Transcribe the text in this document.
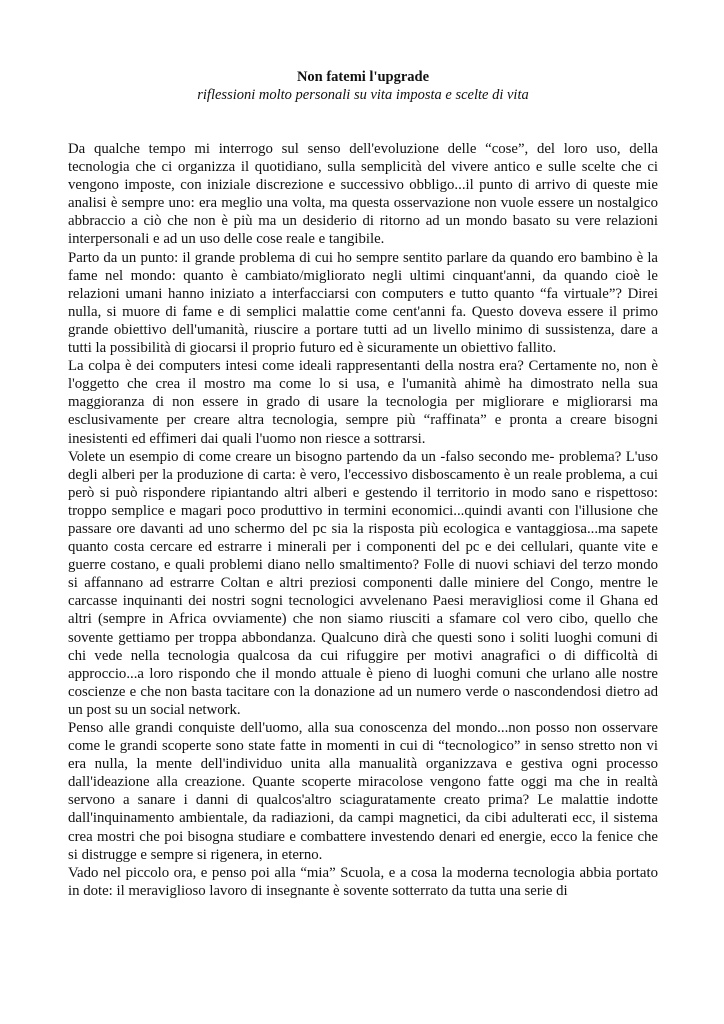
Non fatemi l'upgrade

riflessioni molto personali su vita imposta e scelte di vita

Da qualche tempo mi interrogo sul senso dell'evoluzione delle “cose”, del loro uso, della tecnologia che ci organizza il quotidiano, sulla semplicità del vivere antico e sulle scelte che ci vengono imposte, con iniziale discrezione e successivo obbligo...il punto di arrivo di queste mie analisi è sempre uno: era meglio una volta, ma questa osservazione non vuole essere un nostalgico abbraccio a ciò che non è più ma un desiderio di ritorno ad un mondo basato su vere relazioni interpersonali e ad un uso delle cose reale e tangibile.

Parto da un punto: il grande problema di cui ho sempre sentito parlare da quando ero bambino è la fame nel mondo: quanto è cambiato/migliorato negli ultimi cinquant'anni, da quando cioè le relazioni umani hanno iniziato a interfacciarsi con computers e tutto quanto “fa virtuale”? Direi nulla, si muore di fame e di semplici malattie come cent'anni fa. Questo doveva essere il primo grande obiettivo dell'umanità, riuscire a portare tutti ad un livello minimo di sussistenza, dare a tutti la possibilità di giocarsi il proprio futuro ed è sicuramente un obiettivo fallito.

La colpa è dei computers intesi come ideali rappresentanti della nostra era? Certamente no, non è l'oggetto che crea il mostro ma come lo si usa, e l'umanità ahimè ha dimostrato nella sua maggioranza di non essere in grado di usare la tecnologia per migliorare e migliorarsi ma esclusivamente per creare altra tecnologia, sempre più “raffinata” e pronta a creare bisogni inesistenti ed effimeri dai quali l'uomo non riesce a sottrarsi.

Volete un esempio di come creare un bisogno partendo da un -falso secondo me- problema? L'uso degli alberi per la produzione di carta: è vero, l'eccessivo disboscamento è un reale problema, a cui però si può rispondere ripiantando altri alberi e gestendo il territorio in modo sano e rispettoso: troppo semplice e magari poco produttivo in termini economici...quindi avanti con l'illusione che passare ore davanti ad uno schermo del pc sia la risposta più ecologica e vantaggiosa...ma sapete quanto costa cercare ed estrarre i minerali per i componenti del pc e dei cellulari, quante vite e guerre costano, e quali problemi diano nello smaltimento? Folle di nuovi schiavi del terzo mondo si affannano ad estrarre Coltan e altri preziosi componenti dalle miniere del Congo, mentre le carcasse inquinanti dei nostri sogni tecnologici avvelenano Paesi meravigliosi come il Ghana ed altri (sempre in Africa ovviamente) che non siamo riusciti a sfamare col vero cibo, quello che sovente gettiamo per troppa abbondanza. Qualcuno dirà che questi sono i soliti luoghi comuni di chi vede nella tecnologia qualcosa da cui rifuggire per motivi anagrafici o di difficoltà di approccio...a loro rispondo che il mondo attuale è pieno di luoghi comuni che urlano alle nostre coscienze e che non basta tacitare con la donazione ad un numero verde o nascondendosi dietro ad un post su un social network.

Penso alle grandi conquiste dell'uomo, alla sua conoscenza del mondo...non posso non osservare come le grandi scoperte sono state fatte in momenti in cui di “tecnologico” in senso stretto non vi era nulla, la mente dell'individuo unita alla manualità organizzava e gestiva ogni processo dall'ideazione alla creazione. Quante scoperte miracolose vengono fatte oggi ma che in realtà servono a sanare i danni di qualcos'altro sciaguratamente creato prima? Le malattie indotte dall'inquinamento ambientale, da radiazioni, da campi magnetici, da cibi adulterati ecc, il sistema crea mostri che poi bisogna studiare e combattere investendo denari ed energie, ecco la fenice che si distrugge e sempre si rigenera, in eterno.

Vado nel piccolo ora, e penso poi alla “mia” Scuola, e a cosa la moderna tecnologia abbia portato in dote: il meraviglioso lavoro di insegnante è sovente sotterrato da tutta una serie di
